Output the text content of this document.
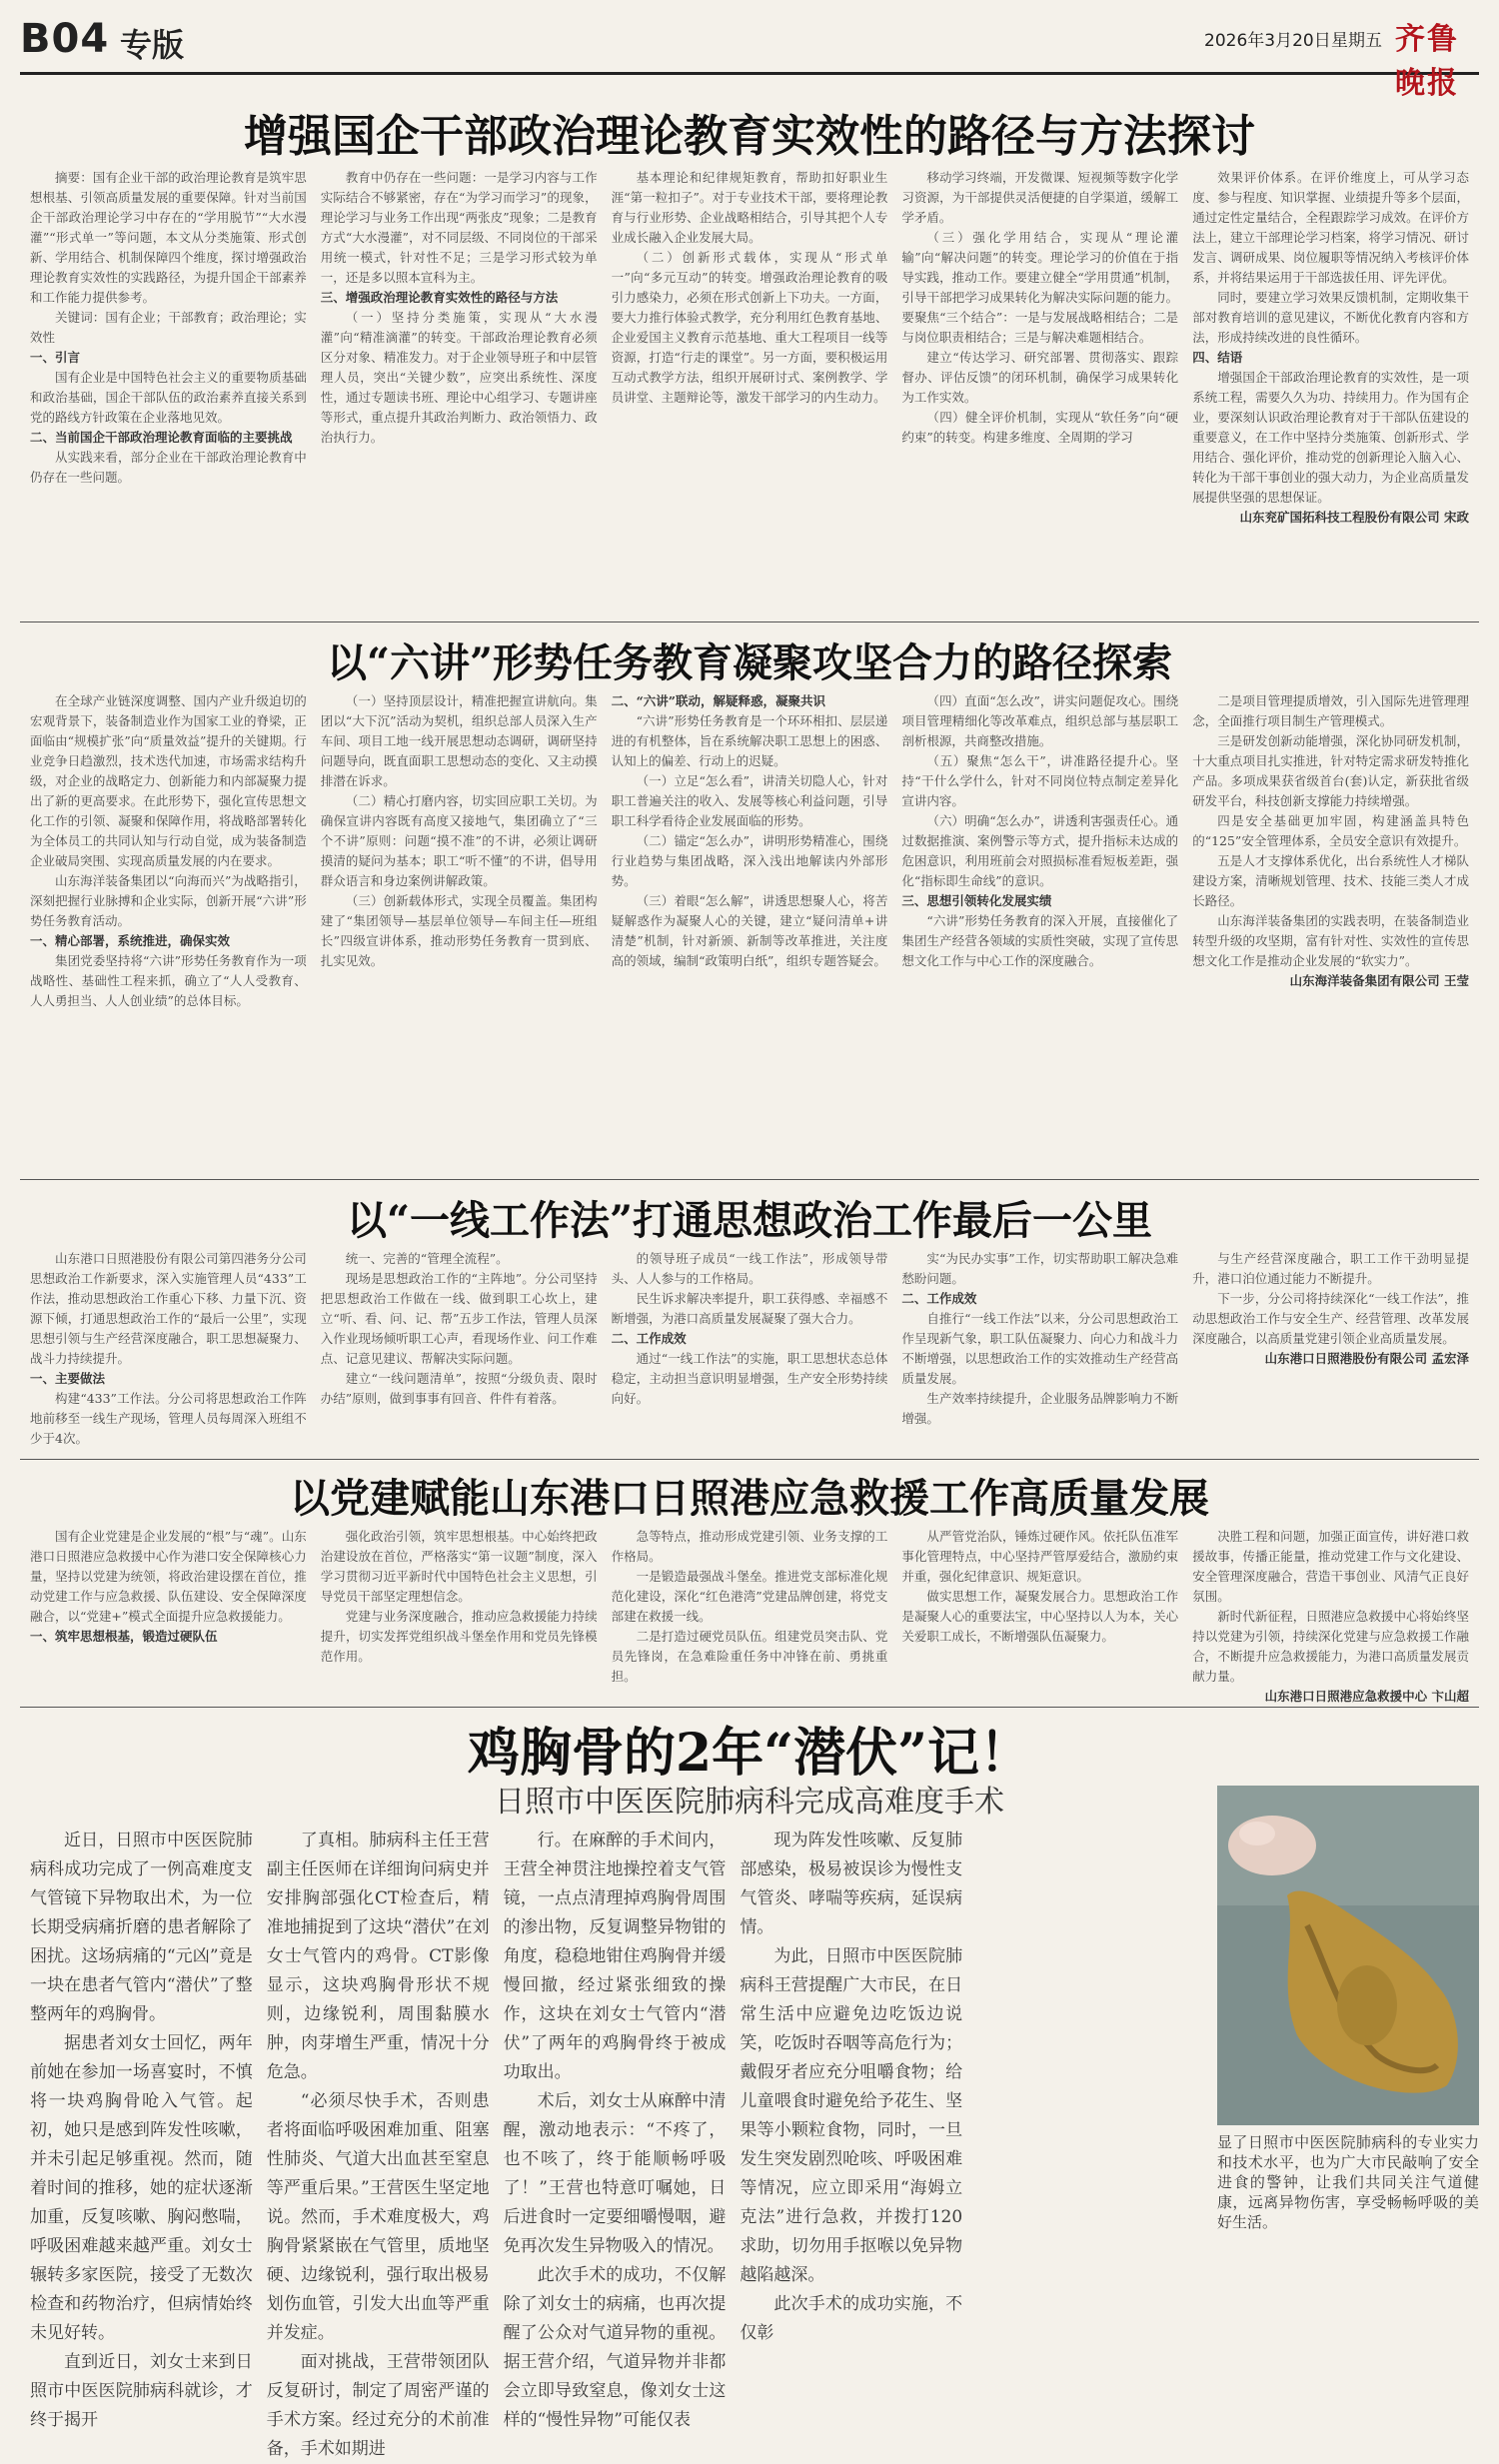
B04 专版	2026年3月20日 星期五 齐鲁晚报
增强国企干部政治理论教育实效性的路径与方法探讨

摘要：国有企业干部的政治理论教育是筑牢思想根基、引领高质量发展的重要保障。针对当前国企干部政治理论学习中存在的“学用脱节”“大水漫灌”“形式单一”等问题，本文从分类施策、形式创新、学用结合、机制保障四个维度，探讨增强政治理论教育实效性的实践路径，为提升国企干部素养和工作能力提供参考。

关键词：国有企业；干部教育；政治理论；实效性

一、引言

国有企业是中国特色社会主义的重要物质基础和政治基础，国企干部队伍的政治素养直接关系到党的路线方针政策在企业落地见效。

二、当前国企干部政治理论教育面临的主要挑战

从实践来看，部分企业在干部政治理论教育中仍存在一些问题。

教育中仍存在一些问题：一是学习内容与工作实际结合不够紧密，存在“为学习而学习”的现象，理论学习与业务工作出现“两张皮”现象；二是教育方式“大水漫灌”，对不同层级、不同岗位的干部采用统一模式，针对性不足；三是学习形式较为单一，还是多以照本宣科为主。

三、增强政治理论教育实效性的路径与方法

（一）坚持分类施策，实现从“大水漫灌”向“精准滴灌”的转变。干部政治理论教育必须区分对象、精准发力。对于企业领导班子和中层管理人员，突出“关键少数”，应突出系统性、深度性，通过专题读书班、理论中心组学习、专题讲座等形式，重点提升其政治判断力、政治领悟力、政治执行力。

基本理论和纪律规矩教育，帮助扣好职业生涯“第一粒扣子”。对于专业技术干部，要将理论教育与行业形势、企业战略相结合，引导其把个人专业成长融入企业发展大局。

（二）创新形式载体，实现从“形式单一”向“多元互动”的转变。增强政治理论教育的吸引力感染力，必须在形式创新上下功夫。一方面，要大力推行体验式教学，充分利用红色教育基地、企业爱国主义教育示范基地、重大工程项目一线等资源，打造“行走的课堂”。另一方面，要积极运用互动式教学方法，组织开展研讨式、案例教学、学员讲堂、主题辩论等，激发干部学习的内生动力。

移动学习终端，开发微课、短视频等数字化学习资源，为干部提供灵活便捷的自学渠道，缓解工学矛盾。

（三）强化学用结合，实现从“理论灌输”向“解决问题”的转变。理论学习的价值在于指导实践，推动工作。要建立健全“学用贯通”机制，引导干部把学习成果转化为解决实际问题的能力。要聚焦“三个结合”：一是与发展战略相结合；二是与岗位职责相结合；三是与解决难题相结合。

建立“传达学习、研究部署、贯彻落实、跟踪督办、评估反馈”的闭环机制，确保学习成果转化为工作实效。

（四）健全评价机制，实现从“软任务”向“硬约束”的转变。构建多维度、全周期的学习

效果评价体系。在评价维度上，可从学习态度、参与程度、知识掌握、业绩提升等多个层面，通过定性定量结合，全程跟踪学习成效。在评价方法上，建立干部理论学习档案，将学习情况、研讨发言、调研成果、岗位履职等情况纳入考核评价体系，并将结果运用于干部选拔任用、评先评优。

同时，要建立学习效果反馈机制，定期收集干部对教育培训的意见建议，不断优化教育内容和方法，形成持续改进的良性循环。

四、结语

增强国企干部政治理论教育的实效性，是一项系统工程，需要久久为功、持续用力。作为国有企业，要深刻认识政治理论教育对于干部队伍建设的重要意义，在工作中坚持分类施策、创新形式、学用结合、强化评价，推动党的创新理论入脑入心、转化为干部干事创业的强大动力，为企业高质量发展提供坚强的思想保证。

山东兖矿国拓科技工程股份有限公司 宋政

以“六讲”形势任务教育凝聚攻坚合力的路径探索

在全球产业链深度调整、国内产业升级迫切的宏观背景下，装备制造业作为国家工业的脊梁，正面临由“规模扩张”向“质量效益”提升的关键期。行业竞争日趋激烈，技术迭代加速，市场需求结构升级，对企业的战略定力、创新能力和内部凝聚力提出了新的更高要求。在此形势下，强化宣传思想文化工作的引领、凝聚和保障作用，将战略部署转化为全体员工的共同认知与行动自觉，成为装备制造企业破局突围、实现高质量发展的内在要求。

山东海洋装备集团以“向海而兴”为战略指引，深刻把握行业脉搏和企业实际，创新开展“六讲”形势任务教育活动。

一、精心部署，系统推进，确保实效

集团党委坚持将“六讲”形势任务教育作为一项战略性、基础性工程来抓，确立了“人人受教育、人人勇担当、人人创业绩”的总体目标。

（一）坚持顶层设计，精准把握宣讲航向。集团以“大下沉”活动为契机，组织总部人员深入生产车间、项目工地一线开展思想动态调研，调研坚持问题导向，既直面职工思想动态的变化、又主动摸排潜在诉求。

（二）精心打磨内容，切实回应职工关切。为确保宣讲内容既有高度又接地气，集团确立了“三个不讲”原则：问题“摸不准”的不讲，必须让调研摸清的疑问为基本；职工“听不懂”的不讲，倡导用群众语言和身边案例讲解政策。

（三）创新载体形式，实现全员覆盖。集团构建了“集团领导—基层单位领导—车间主任—班组长”四级宣讲体系，推动形势任务教育一贯到底、扎实见效。

二、“六讲”联动，解疑释惑，凝聚共识

“六讲”形势任务教育是一个环环相扣、层层递进的有机整体，旨在系统解决职工思想上的困惑、认知上的偏差、行动上的迟疑。

（一）立足“怎么看”，讲清关切隐人心，针对职工普遍关注的收入、发展等核心利益问题，引导职工科学看待企业发展面临的形势。

（二）锚定“怎么办”，讲明形势精准心，围绕行业趋势与集团战略，深入浅出地解读内外部形势。

（三）着眼“怎么解”，讲透思想聚人心，将苦疑解惑作为凝聚人心的关键，建立“疑问清单+讲清楚”机制，针对新颁、新制等改革推进，关注度高的领域，编制“政策明白纸”，组织专题答疑会。

（四）直面“怎么改”，讲实问题促攻心。围绕项目管理精细化等改革难点，组织总部与基层职工剖析根源，共商整改措施。

（五）聚焦“怎么干”，讲准路径提升心。坚持“干什么学什么，针对不同岗位特点制定差异化宣讲内容。

（六）明确“怎么办”，讲透利害强责任心。通过数据推演、案例警示等方式，提升指标未达成的危困意识，利用班前会对照损标准看短板差距，强化“指标即生命线”的意识。

三、思想引领转化发展实绩

“六讲”形势任务教育的深入开展，直接催化了集团生产经营各领域的实质性突破，实现了宣传思想文化工作与中心工作的深度融合。

二是项目管理提质增效，引入国际先进管理理念，全面推行项目制生产管理模式。

三是研发创新动能增强，深化协同研发机制，十大重点项目扎实推进，针对特定需求研发特推化产品。多项成果获省级首台(套)认定，新获批省级研发平台，科技创新支撑能力持续增强。

四是安全基础更加牢固，构建涵盖具特色的“125”安全管理体系，全员安全意识有效提升。

五是人才支撑体系优化，出台系统性人才梯队建设方案，清晰规划管理、技术、技能三类人才成长路径。

山东海洋装备集团的实践表明，在装备制造业转型升级的攻坚期，富有针对性、实效性的宣传思想文化工作是推动企业发展的“软实力”。

山东海洋装备集团有限公司 王莹

以“一线工作法”打通思想政治工作最后一公里

山东港口日照港股份有限公司第四港务分公司思想政治工作新要求，深入实施管理人员“433”工作法，推动思想政治工作重心下移、力量下沉、资源下倾，打通思想政治工作的“最后一公里”，实现思想引领与生产经营深度融合，职工思想凝聚力、战斗力持续提升。

一、主要做法

构建“433”工作法。分公司将思想政治工作阵地前移至一线生产现场，管理人员每周深入班组不少于4次。

统一、完善的“管理全流程”。

现场是思想政治工作的“主阵地”。分公司坚持把思想政治工作做在一线、做到职工心坎上，建立“听、看、问、记、帮”五步工作法，管理人员深入作业现场倾听职工心声，看现场作业、问工作难点、记意见建议、帮解决实际问题。

建立“一线问题清单”，按照“分级负责、限时办结”原则，做到事事有回音、件件有着落。

的领导班子成员“一线工作法”，形成领导带头、人人参与的工作格局。

民生诉求解决率提升，职工获得感、幸福感不断增强，为港口高质量发展凝聚了强大合力。

二、工作成效

通过“一线工作法”的实施，职工思想状态总体稳定，主动担当意识明显增强，生产安全形势持续向好。

实“为民办实事”工作，切实帮助职工解决急难愁盼问题。

二、工作成效

自推行“一线工作法”以来，分公司思想政治工作呈现新气象，职工队伍凝聚力、向心力和战斗力不断增强，以思想政治工作的实效推动生产经营高质量发展。

生产效率持续提升，企业服务品牌影响力不断增强。

与生产经营深度融合，职工工作干劲明显提升，港口泊位通过能力不断提升。

下一步，分公司将持续深化“一线工作法”，推动思想政治工作与安全生产、经营管理、改革发展深度融合，以高质量党建引领企业高质量发展。

山东港口日照港股份有限公司 孟宏泽

以党建赋能山东港口日照港应急救援工作高质量发展

国有企业党建是企业发展的“根”与“魂”。山东港口日照港应急救援中心作为港口安全保障核心力量，坚持以党建为统领，将政治建设摆在首位，推动党建工作与应急救援、队伍建设、安全保障深度融合，以“党建+”模式全面提升应急救援能力。

一、筑牢思想根基，锻造过硬队伍

强化政治引领，筑牢思想根基。中心始终把政治建设放在首位，严格落实“第一议题”制度，深入学习贯彻习近平新时代中国特色社会主义思想，引导党员干部坚定理想信念。

党建与业务深度融合，推动应急救援能力持续提升，切实发挥党组织战斗堡垒作用和党员先锋模范作用。

急等特点，推动形成党建引领、业务支撑的工作格局。

一是锻造最强战斗堡垒。推进党支部标准化规范化建设，深化“红色港湾”党建品牌创建，将党支部建在救援一线。

二是打造过硬党员队伍。组建党员突击队、党员先锋岗，在急难险重任务中冲锋在前、勇挑重担。

从严管党治队，锤炼过硬作风。依托队伍准军事化管理特点，中心坚持严管厚爱结合，激励约束并重，强化纪律意识、规矩意识。

做实思想工作，凝聚发展合力。思想政治工作是凝聚人心的重要法宝，中心坚持以人为本，关心关爱职工成长，不断增强队伍凝聚力。

决胜工程和问题，加强正面宣传，讲好港口救援故事，传播正能量，推动党建工作与文化建设、安全管理深度融合，营造干事创业、风清气正良好氛围。

新时代新征程，日照港应急救援中心将始终坚持以党建为引领，持续深化党建与应急救援工作融合，不断提升应急救援能力，为港口高质量发展贡献力量。

山东港口日照港应急救援中心 卞山超

鸡胸骨的2年“潜伏”记！
日照市中医医院肺病科完成高难度手术

近日，日照市中医医院肺病科成功完成了一例高难度支气管镜下异物取出术，为一位长期受病痛折磨的患者解除了困扰。这场病痛的“元凶”竟是一块在患者气管内“潜伏”了整整两年的鸡胸骨。

据患者刘女士回忆，两年前她在参加一场喜宴时，不慎将一块鸡胸骨呛入气管。起初，她只是感到阵发性咳嗽，并未引起足够重视。然而，随着时间的推移，她的症状逐渐加重，反复咳嗽、胸闷憋喘，呼吸困难越来越严重。刘女士辗转多家医院，接受了无数次检查和药物治疗，但病情始终未见好转。

直到近日，刘女士来到日照市中医医院肺病科就诊，才终于揭开

了真相。肺病科主任王营副主任医师在详细询问病史并安排胸部强化CT检查后，精准地捕捉到了这块“潜伏”在刘女士气管内的鸡骨。CT影像显示，这块鸡胸骨形状不规则，边缘锐利，周围黏膜水肿，肉芽增生严重，情况十分危急。

“必须尽快手术，否则患者将面临呼吸困难加重、阻塞性肺炎、气道大出血甚至窒息等严重后果。”王营医生坚定地说。然而，手术难度极大，鸡胸骨紧紧嵌在气管里，质地坚硬、边缘锐利，强行取出极易划伤血管，引发大出血等严重并发症。

面对挑战，王营带领团队反复研讨，制定了周密严谨的手术方案。经过充分的术前准备，手术如期进

行。在麻醉的手术间内，王营全神贯注地操控着支气管镜，一点点清理掉鸡胸骨周围的渗出物，反复调整异物钳的角度，稳稳地钳住鸡胸骨并缓慢回撤，经过紧张细致的操作，这块在刘女士气管内“潜伏”了两年的鸡胸骨终于被成功取出。

术后，刘女士从麻醉中清醒，激动地表示：“不疼了，也不咳了，终于能顺畅呼吸了！”王营也特意叮嘱她，日后进食时一定要细嚼慢咽，避免再次发生异物吸入的情况。

此次手术的成功，不仅解除了刘女士的病痛，也再次提醒了公众对气道异物的重视。据王营介绍，气道异物并非都会立即导致窒息，像刘女士这样的“慢性异物”可能仅表

现为阵发性咳嗽、反复肺部感染，极易被误诊为慢性支气管炎、哮喘等疾病，延误病情。

为此，日照市中医医院肺病科王营提醒广大市民，在日常生活中应避免边吃饭边说笑，吃饭时吞咽等高危行为；戴假牙者应充分咀嚼食物；给儿童喂食时避免给予花生、坚果等小颗粒食物，同时，一旦发生突发剧烈呛咳、呼吸困难等情况，应立即采用“海姆立克法”进行急救，并拨打120求助，切勿用手抠喉以免异物越陷越深。

此次手术的成功实施，不仅彰

显了日照市中医医院肺病科的专业实力和技术水平，也为广大市民敲响了安全进食的警钟，让我们共同关注气道健康，远离异物伤害，享受畅畅呼吸的美好生活。
